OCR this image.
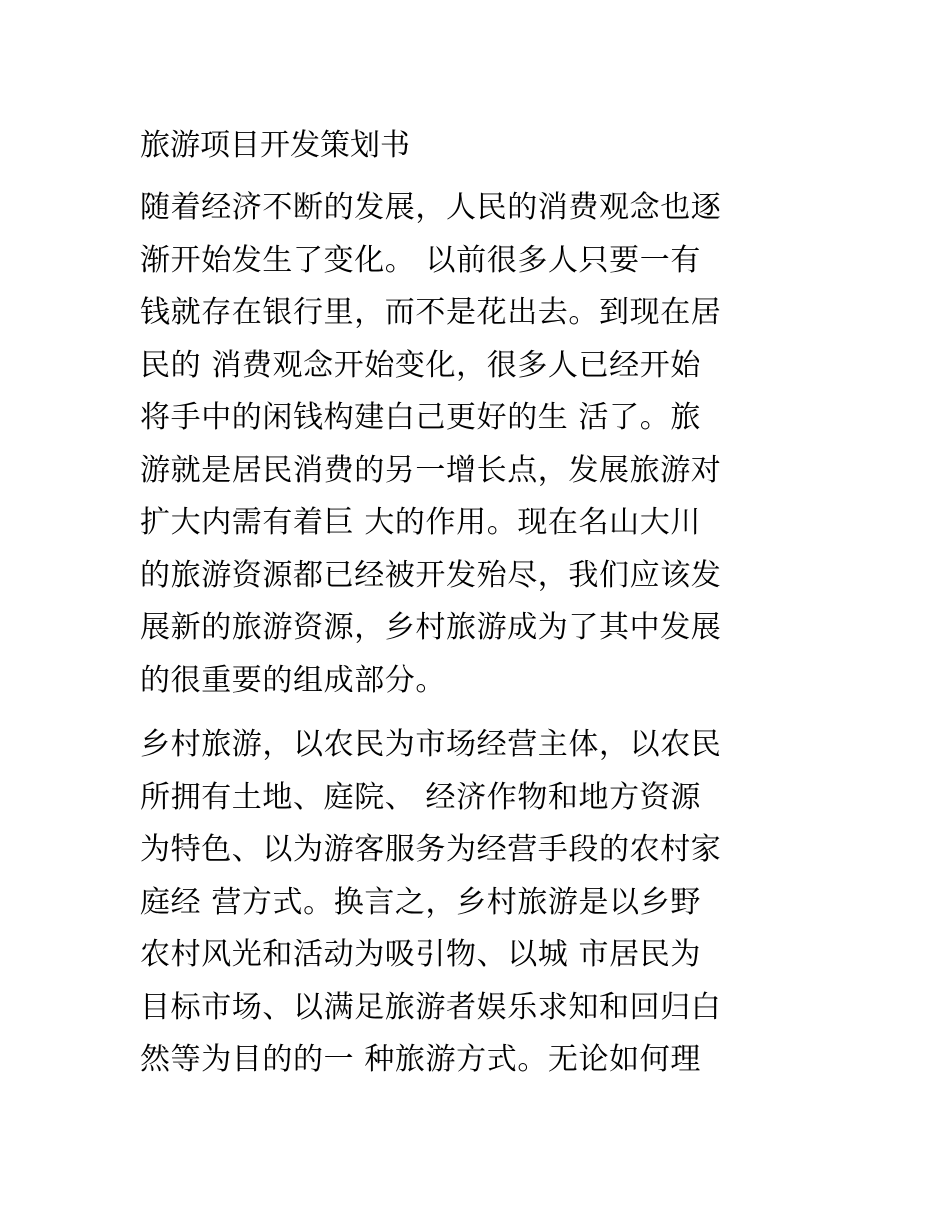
旅游项目开发策划书
随着经济不断的发展，人民的消费观念也逐
渐开始发生了变化。 以前很多人只要一有
钱就存在银行里，而不是花出去。到现在居
民的 消费观念开始变化，很多人已经开始
将手中的闲钱构建白己更好的生 活了。旅
游就是居民消费的另一增长点，发展旅游对
扩大内需有着巨 大的作用。现在名山大川
的旅游资源都已经被开发殆尽，我们应该发
展新的旅游资源，乡村旅游成为了其中发展
的很重要的组成部分。
乡村旅游，以农民为市场经营主体，以农民
所拥有土地、庭院、 经济作物和地方资源
为特色、以为游客服务为经营手段的农村家
庭经 营方式。换言之，乡村旅游是以乡野
农村风光和活动为吸引物、以城 市居民为
目标市场、以满足旅游者娱乐求知和回归白
然等为目的的一 种旅游方式。无论如何理
